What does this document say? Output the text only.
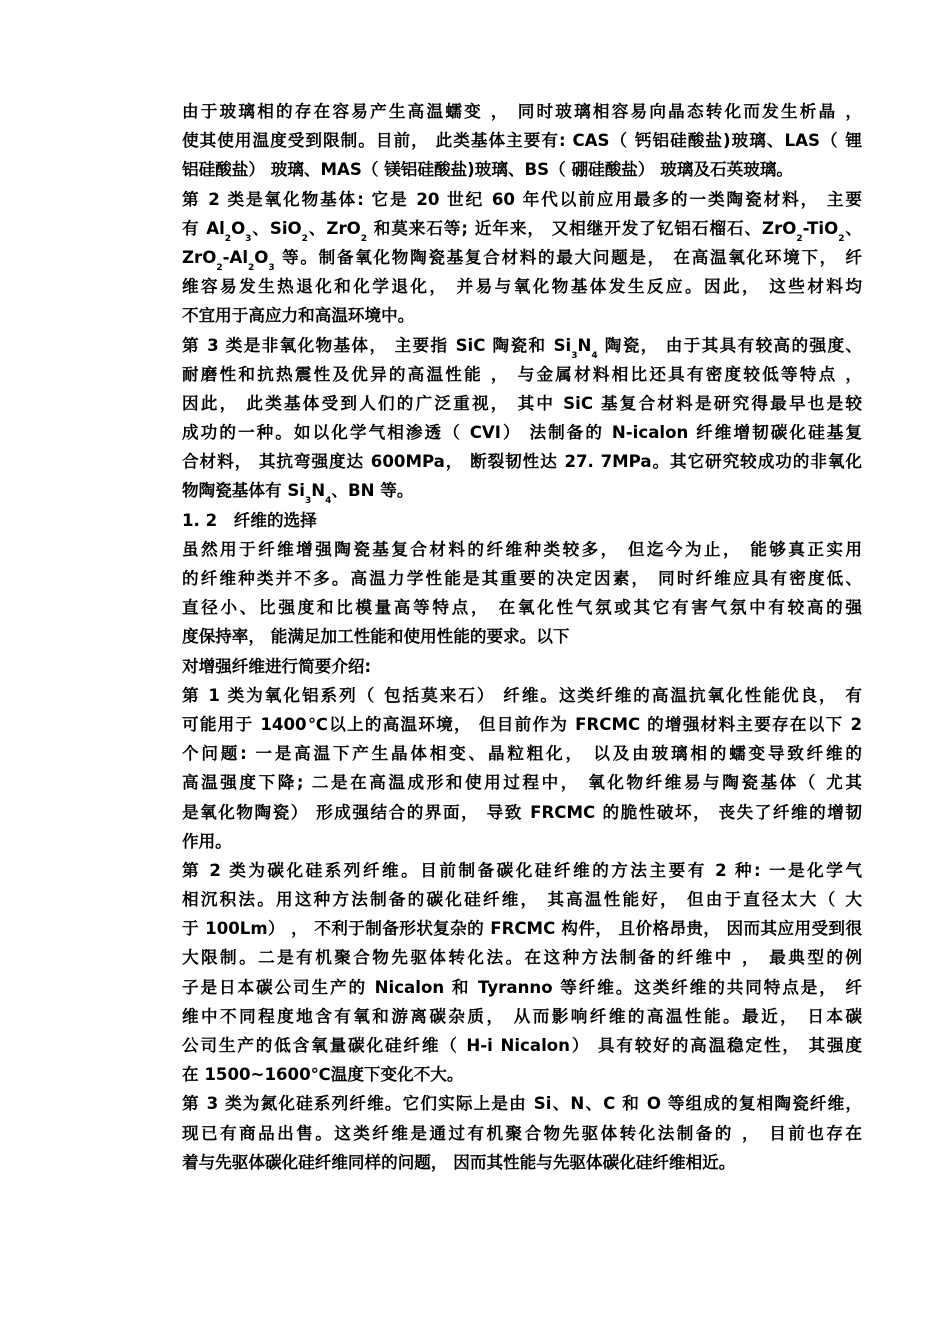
由于玻璃相的存在容易产生高温蠕变 ， 同时玻璃相容易向晶态转化而发生析晶 ，
使其使用温度受到限制。目前， 此类基体主要有: CAS（ 钙铝硅酸盐)玻璃、LAS（ 锂
铝硅酸盐） 玻璃、MAS（ 镁铝硅酸盐)玻璃、BS（ 硼硅酸盐） 玻璃及石英玻璃。
第 2 类是氧化物基体: 它是 20 世纪 60 年代以前应用最多的一类陶瓷材料， 主要
有 $Al_2O_3$、SiO$_2$、ZrO$_2$ 和莫来石等; 近年来， 又相继开发了钇铝石榴石、ZrO$_2$-TiO$_2$、
$ZrO_2-Al_2O_3$ 等。制备氧化物陶瓷基复合材料的最大问题是， 在高温氧化环境下， 纤
维容易发生热退化和化学退化， 并易与氧化物基体发生反应。因此， 这些材料均
不宜用于高应力和高温环境中。
第 3 类是非氧化物基体， 主要指 SiC 陶瓷和 $Si_3N_4$ 陶瓷， 由于其具有较高的强度、
耐磨性和抗热震性及优异的高温性能 ， 与金属材料相比还具有密度较低等特点 ，
因此， 此类基体受到人们的广泛重视， 其中 SiC 基复合材料是研究得最早也是较
成功的一种。如以化学气相渗透（ CVI） 法制备的 N-icalon 纤维增韧碳化硅基复
合材料， 其抗弯强度达 600MPa， 断裂韧性达 27. 7MPa。其它研究较成功的非氧化
物陶瓷基体有 $Si_3N_4$、BN 等。
1. 2　纤维的选择
虽然用于纤维增强陶瓷基复合材料的纤维种类较多， 但迄今为止， 能够真正实用
的纤维种类并不多。高温力学性能是其重要的决定因素， 同时纤维应具有密度低、
直径小、比强度和比模量高等特点， 在氧化性气氛或其它有害气氛中有较高的强
度保持率， 能满足加工性能和使用性能的要求。以下
对增强纤维进行简要介绍:
第 1 类为氧化铝系列（ 包括莫来石） 纤维。这类纤维的高温抗氧化性能优良， 有
可能用于 1400℃以上的高温环境， 但目前作为 FRCMC 的增强材料主要存在以下 2
个问题: 一是高温下产生晶体相变、晶粒粗化， 以及由玻璃相的蠕变导致纤维的
高温强度下降; 二是在高温成形和使用过程中， 氧化物纤维易与陶瓷基体（ 尤其
是氧化物陶瓷） 形成强结合的界面， 导致 FRCMC 的脆性破坏， 丧失了纤维的增韧
作用。
第 2 类为碳化硅系列纤维。目前制备碳化硅纤维的方法主要有 2 种: 一是化学气
相沉积法。用这种方法制备的碳化硅纤维， 其高温性能好， 但由于直径太大（ 大
于 100Lm） ， 不利于制备形状复杂的 FRCMC 构件， 且价格昂贵， 因而其应用受到很
大限制。二是有机聚合物先驱体转化法。在这种方法制备的纤维中 ， 最典型的例
子是日本碳公司生产的 Nicalon 和 Tyranno 等纤维。这类纤维的共同特点是， 纤
维中不同程度地含有氧和游离碳杂质， 从而影响纤维的高温性能。最近， 日本碳
公司生产的低含氧量碳化硅纤维（ H-i Nicalon） 具有较好的高温稳定性， 其强度
在 1500~1600℃温度下变化不大。
第 3 类为氮化硅系列纤维。它们实际上是由 Si、N、C 和 O 等组成的复相陶瓷纤维，
现已有商品出售。这类纤维是通过有机聚合物先驱体转化法制备的 ， 目前也存在
着与先驱体碳化硅纤维同样的问题， 因而其性能与先驱体碳化硅纤维相近。
